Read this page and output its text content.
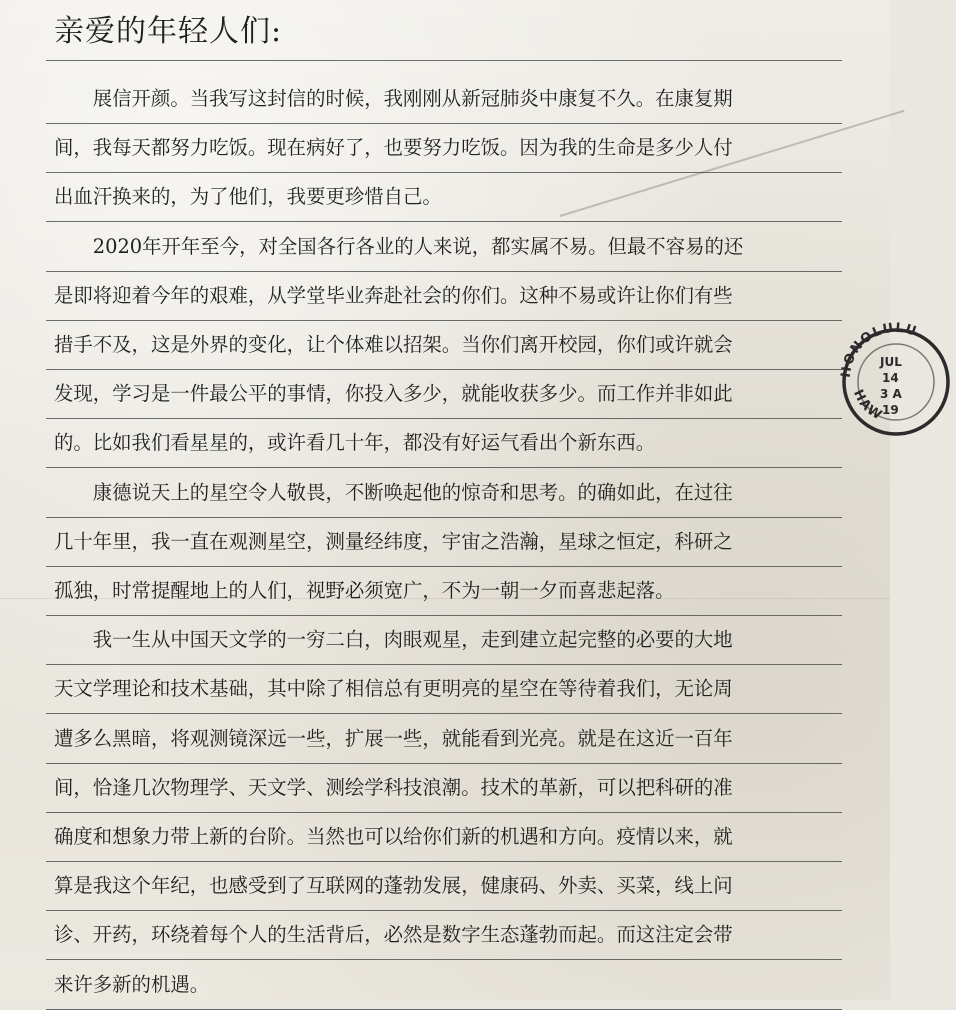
亲爱的年轻人们:
　　展信开颜。当我写这封信的时候，我刚刚从新冠肺炎中康复不久。在康复期
间，我每天都努力吃饭。现在病好了，也要努力吃饭。因为我的生命是多少人付
出血汗换来的，为了他们，我要更珍惜自己。
　　2020年开年至今，对全国各行各业的人来说，都实属不易。但最不容易的还
是即将迎着今年的艰难，从学堂毕业奔赴社会的你们。这种不易或许让你们有些
措手不及，这是外界的变化，让个体难以招架。当你们离开校园，你们或许就会
发现，学习是一件最公平的事情，你投入多少，就能收获多少。而工作并非如此
的。比如我们看星星的，或许看几十年，都没有好运气看出个新东西。
　　康德说天上的星空令人敬畏，不断唤起他的惊奇和思考。的确如此，在过往
几十年里，我一直在观测星空，测量经纬度，宇宙之浩瀚，星球之恒定，科研之
孤独，时常提醒地上的人们，视野必须宽广，不为一朝一夕而喜悲起落。
　　我一生从中国天文学的一穷二白，肉眼观星，走到建立起完整的必要的大地
天文学理论和技术基础，其中除了相信总有更明亮的星空在等待着我们，无论周
遭多么黑暗，将观测镜深远一些，扩展一些，就能看到光亮。就是在这近一百年
间，恰逢几次物理学、天文学、测绘学科技浪潮。技术的革新，可以把科研的准
确度和想象力带上新的台阶。当然也可以给你们新的机遇和方向。疫情以来，就
算是我这个年纪，也感受到了互联网的蓬勃发展，健康码、外卖、买菜，线上问
诊、开药，环绕着每个人的生活背后，必然是数字生态蓬勃而起。而这注定会带
来许多新的机遇。
HONOLULU
HAW
JUL
14
3 A
19
